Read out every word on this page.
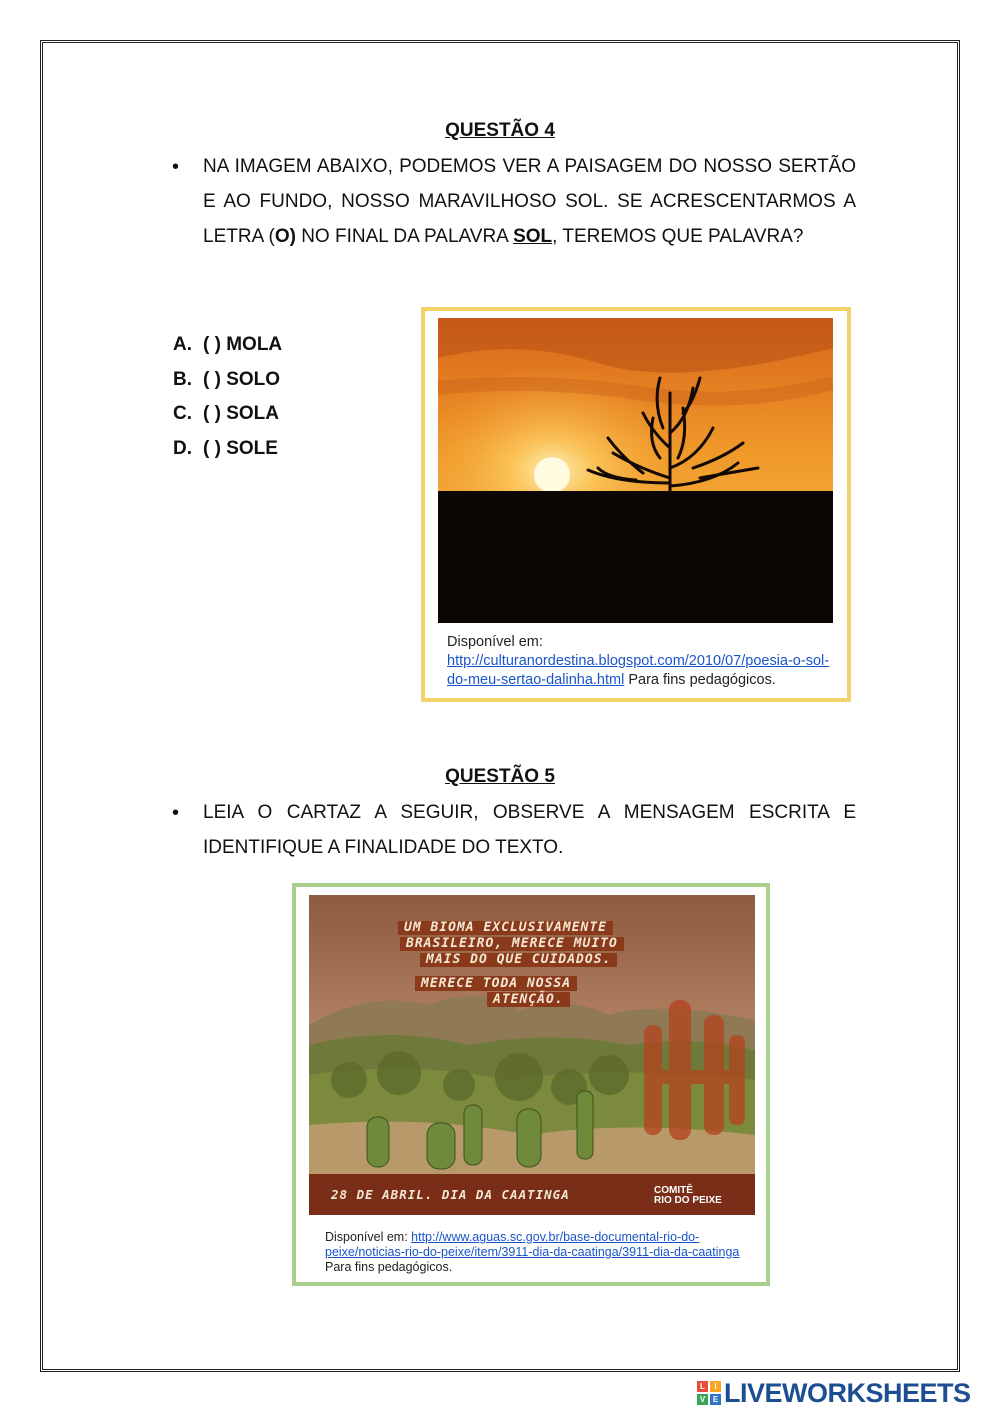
QUESTÃO 4
• NA IMAGEM ABAIXO, PODEMOS VER A PAISAGEM DO NOSSO SERTÃO E AO FUNDO, NOSSO MARAVILHOSO SOL. SE ACRESCENTARMOS A LETRA (O) NO FINAL DA PALAVRA SOL, TEREMOS QUE PALAVRA?
A. ( ) MOLA
B. ( ) SOLO
C. ( ) SOLA
D. ( ) SOLE
Disponível em:
http://culturanordestina.blogspot.com/2010/07/poesia-o-sol-do-meu-sertao-dalinha.html Para fins pedagógicos.
QUESTÃO 5
• LEIA O CARTAZ A SEGUIR, OBSERVE A MENSAGEM ESCRITA E IDENTIFIQUE A FINALIDADE DO TEXTO.
UM BIOMA EXCLUSIVAMENTE
BRASILEIRO, MERECE MUITO
MAIS DO QUE CUIDADOS.
MERECE TODA NOSSA
ATENÇÃO.
28 DE ABRIL. DIA DA CAATINGA	COMITÊ
RIO DO PEIXE
Disponível em: http://www.aguas.sc.gov.br/base-documental-rio-do-peixe/noticias-rio-do-peixe/item/3911-dia-da-caatinga/3911-dia-da-caatinga Para fins pedagógicos.
L	I
V E LIVEWORKSHEETS
